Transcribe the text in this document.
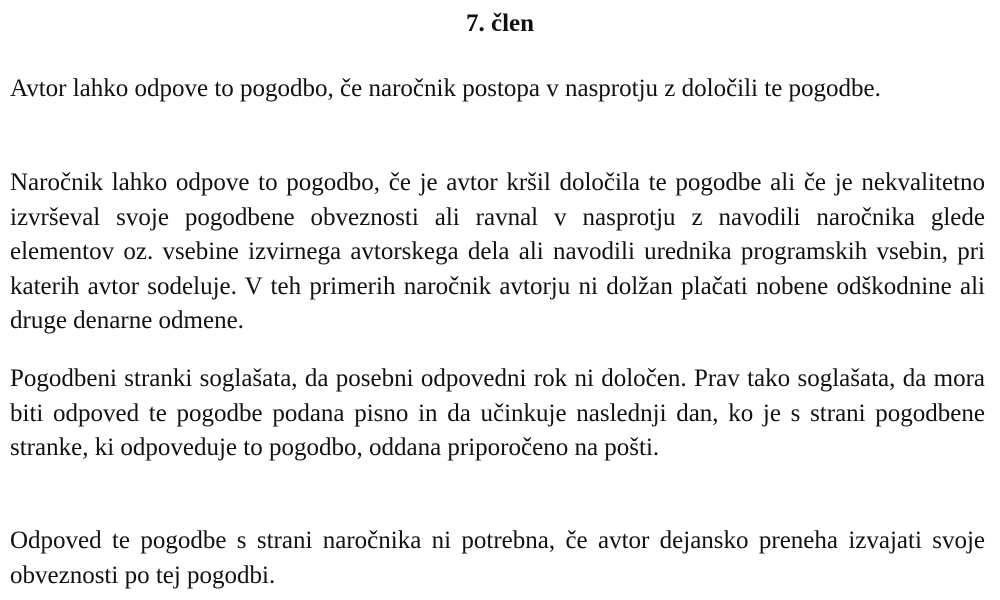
7. člen

Avtor lahko odpove to pogodbo, če naročnik postopa v nasprotju z določili te pogodbe.

Naročnik lahko odpove to pogodbo, če je avtor kršil določila te pogodbe ali če je nekvalitetno izvrševal svoje pogodbene obveznosti ali ravnal v nasprotju z navodili naročnika glede elementov oz. vsebine izvirnega avtorskega dela ali navodili urednika programskih vsebin, pri katerih avtor sodeluje. V teh primerih naročnik avtorju ni dolžan plačati nobene odškodnine ali druge denarne odmene.

Pogodbeni stranki soglašata, da posebni odpovedni rok ni določen. Prav tako soglašata, da mora biti odpoved te pogodbe podana pisno in da učinkuje naslednji dan, ko je s strani pogodbene stranke, ki odpoveduje to pogodbo, oddana priporočeno na pošti.

Odpoved te pogodbe s strani naročnika ni potrebna, če avtor dejansko preneha izvajati svoje obveznosti po tej pogodbi.
